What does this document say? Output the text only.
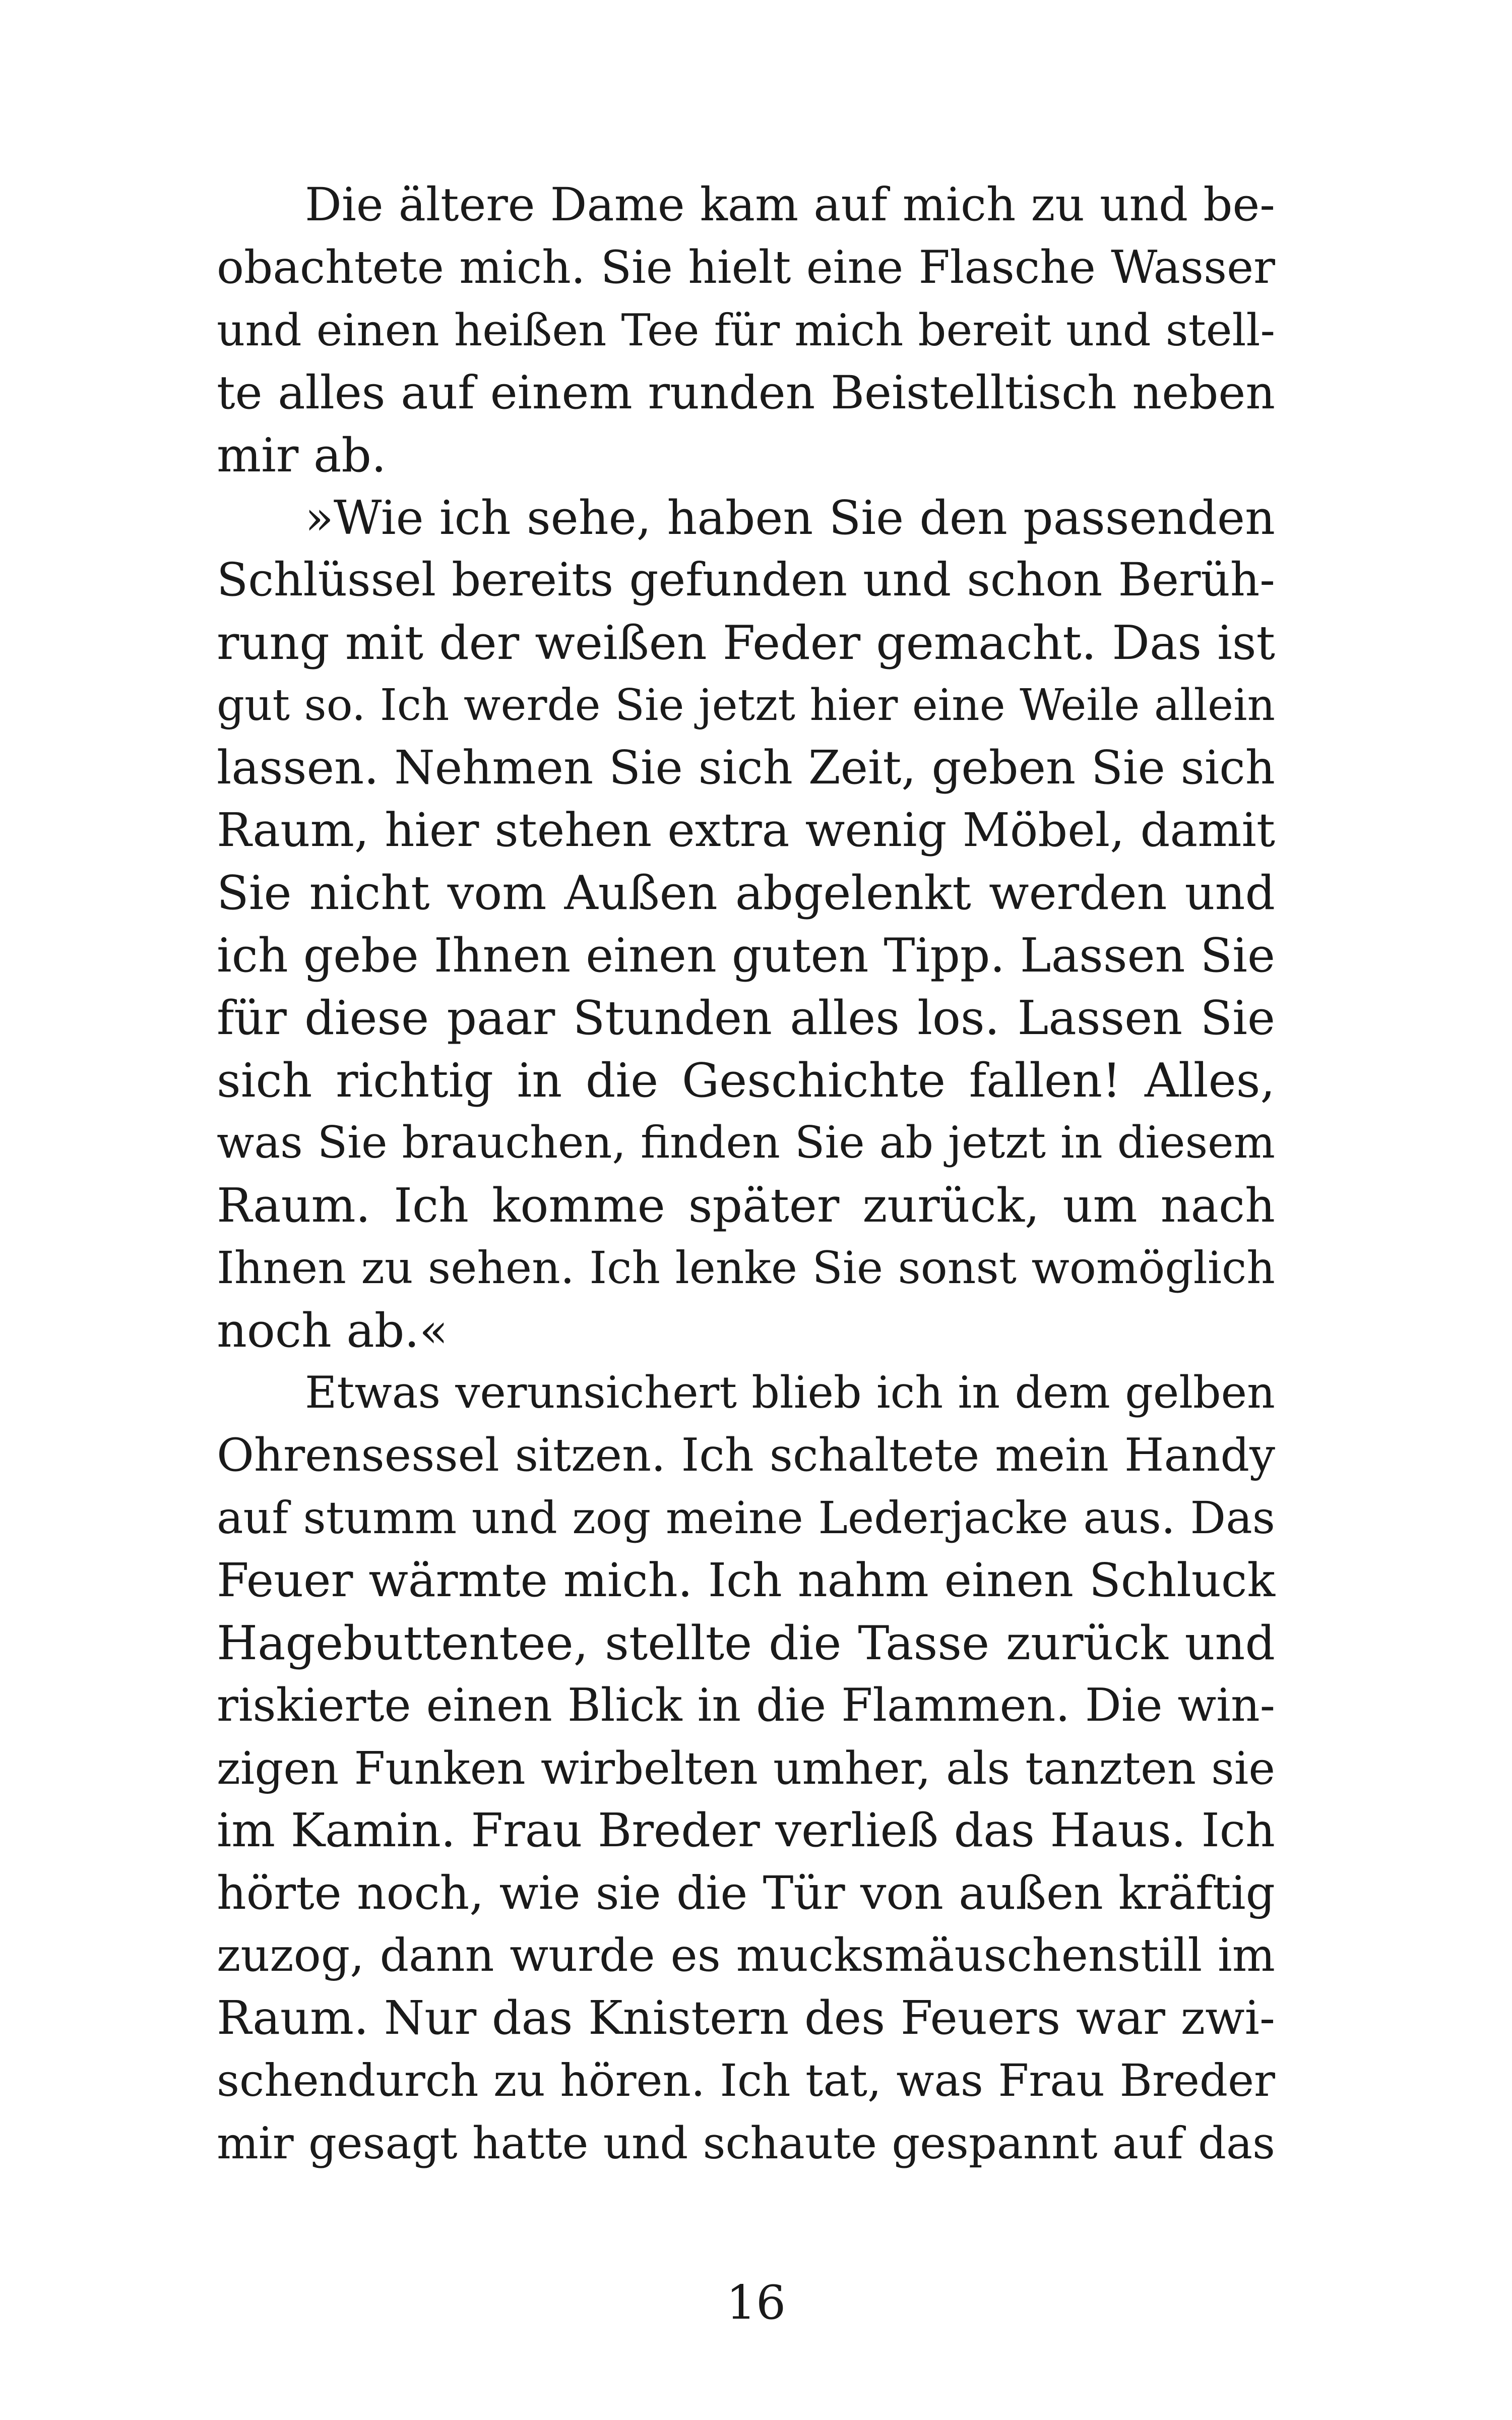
Die ältere Dame kam auf mich zu und be-
obachtete mich. Sie hielt eine Flasche Wasser
und einen heißen Tee für mich bereit und stell-
te alles auf einem runden Beistelltisch neben
mir ab.
»Wie ich sehe, haben Sie den passenden
Schlüssel bereits gefunden und schon Berüh-
rung mit der weißen Feder gemacht. Das ist
gut so. Ich werde Sie jetzt hier eine Weile allein
lassen. Nehmen Sie sich Zeit, geben Sie sich
Raum, hier stehen extra wenig Möbel, damit
Sie nicht vom Außen abgelenkt werden und
ich gebe Ihnen einen guten Tipp. Lassen Sie
für diese paar Stunden alles los. Lassen Sie
sich richtig in die Geschichte fallen! Alles,
was Sie brauchen, finden Sie ab jetzt in diesem
Raum. Ich komme später zurück, um nach
Ihnen zu sehen. Ich lenke Sie sonst womöglich
noch ab.«
Etwas verunsichert blieb ich in dem gelben
Ohrensessel sitzen. Ich schaltete mein Handy
auf stumm und zog meine Lederjacke aus. Das
Feuer wärmte mich. Ich nahm einen Schluck
Hagebuttentee, stellte die Tasse zurück und
riskierte einen Blick in die Flammen. Die win-
zigen Funken wirbelten umher, als tanzten sie
im Kamin. Frau Breder verließ das Haus. Ich
hörte noch, wie sie die Tür von außen kräftig
zuzog, dann wurde es mucksmäuschenstill im
Raum. Nur das Knistern des Feuers war zwi-
schendurch zu hören. Ich tat, was Frau Breder
mir gesagt hatte und schaute gespannt auf das
16
